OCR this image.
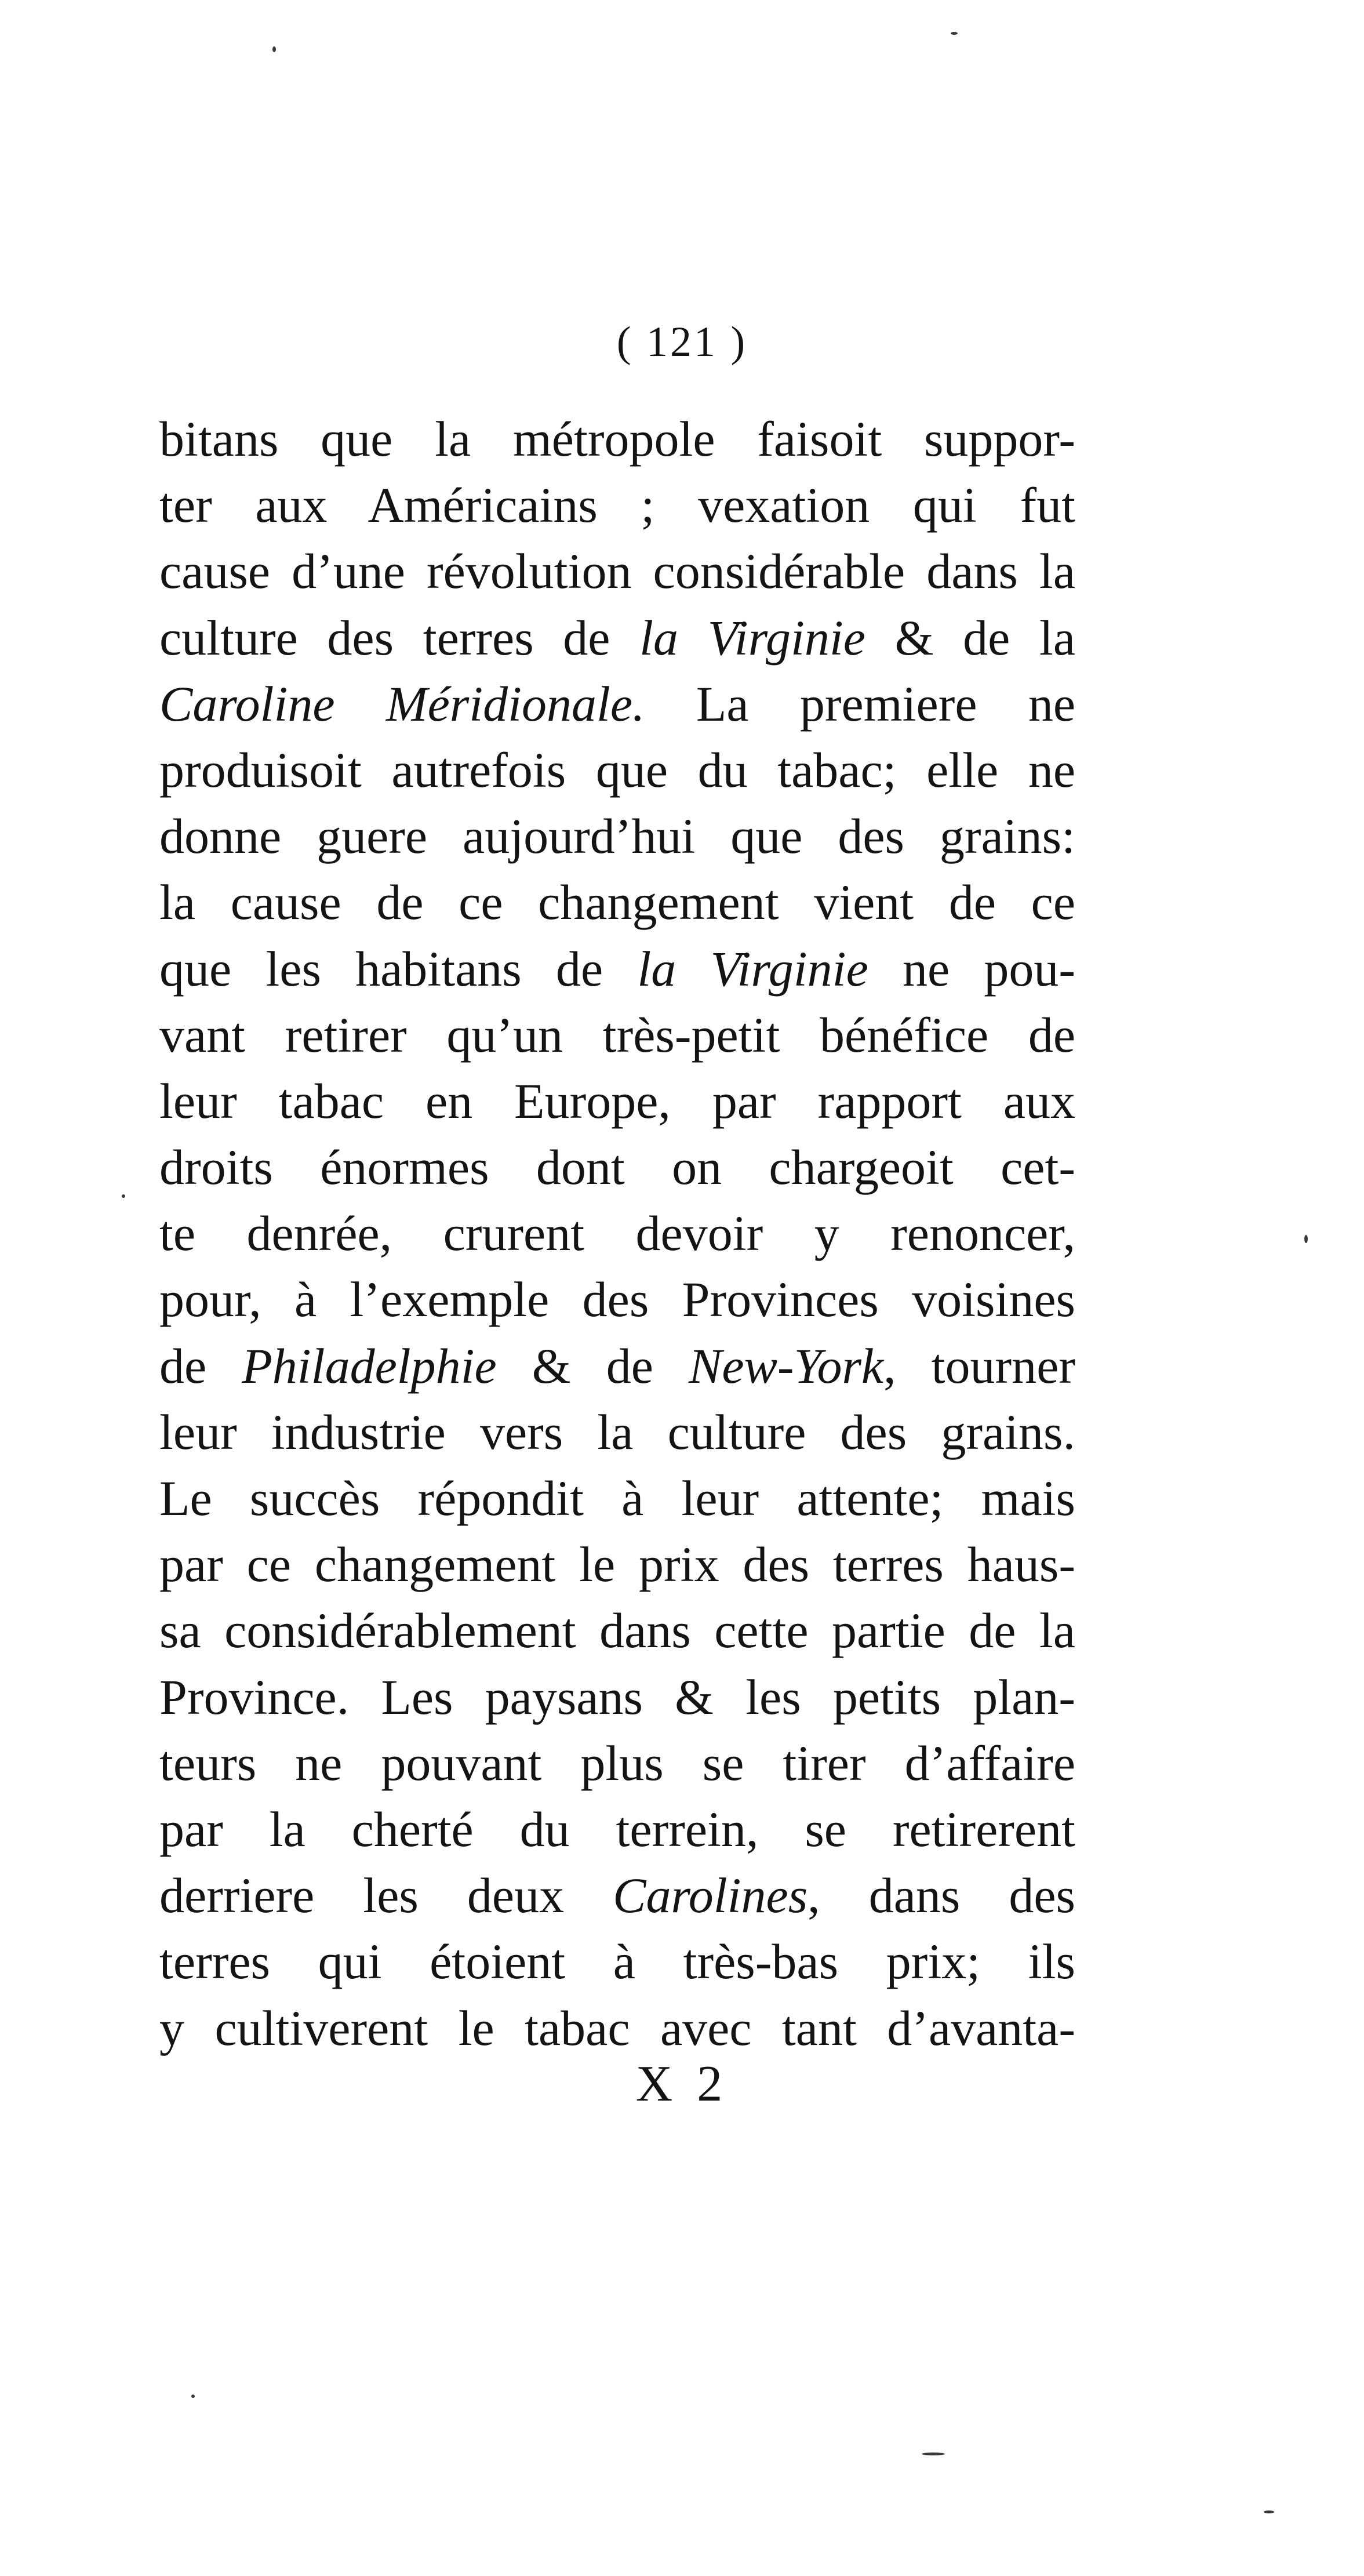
( 121 )
bitans que la métropole faisoit suppor-
ter aux Américains ; vexation qui fut
cause d’une révolution considérable dans la
culture des terres de la Virginie & de la
Caroline Méridionale. La premiere ne
produisoit autrefois que du tabac; elle ne
donne guere aujourd’hui que des grains:
la cause de ce changement vient de ce
que les habitans de la Virginie ne pou-
vant retirer qu’un très-petit bénéfice de
leur tabac en Europe, par rapport aux
droits énormes dont on chargeoit cet-
te denrée, crurent devoir y renoncer,
pour, à l’exemple des Provinces voisines
de Philadelphie & de New-York, tourner
leur industrie vers la culture des grains.
Le succès répondit à leur attente; mais
par ce changement le prix des terres haus-
sa considérablement dans cette partie de la
Province. Les paysans & les petits plan-
teurs ne pouvant plus se tirer d’affaire
par la cherté du terrein, se retirerent
derriere les deux Carolines, dans des
terres qui étoient à très-bas prix; ils
y cultiverent le tabac avec tant d’avanta-
X 2
